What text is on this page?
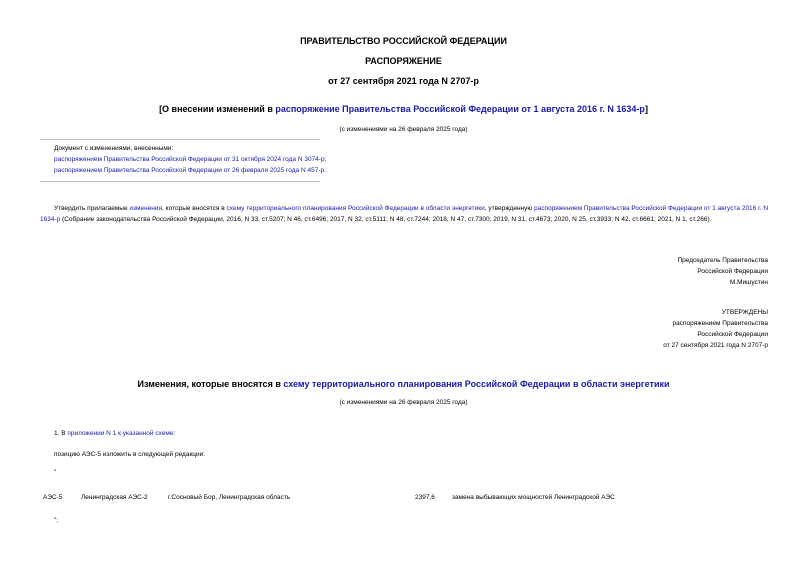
ПРАВИТЕЛЬСТВО РОССИЙСКОЙ ФЕДЕРАЦИИ
РАСПОРЯЖЕНИЕ
от 27 сентября 2021 года N 2707-р
[О внесении изменений в распоряжение Правительства Российской Федерации от 1 августа 2016 г. N 1634-р]
(с изменениями на 26 февраля 2025 года)
Документ с изменениями, внесенными:
распоряжением Правительства Российской Федерации от 31 октября 2024 года N 3074-р;
распоряжением Правительства Российской Федерации от 26 февраля 2025 года N 457-р.
Утвердить прилагаемые изменения, которые вносятся в схему территориального планирования Российской Федерации в области энергетики, утвержденную распоряжением Правительства Российской Федерации от 1 августа 2016 г. N 1634-р (Собрание законодательства Российской Федерации, 2016, N 33, ст.5207; N 46, ст.6496; 2017, N 32, ст.5111; N 48, ст.7244; 2018, N 47, ст.7300; 2019, N 31, ст.4673; 2020, N 25, ст.3933; N 42, ст.6661; 2021, N 1, ст.266).
Председатель Правительства
Российской Федерации
М.Мишустин
УТВЕРЖДЕНЫ
распоряжением Правительства
Российской Федерации
от 27 сентября 2021 года N 2707-р
Изменения, которые вносятся в схему территориального планирования Российской Федерации в области энергетики
(с изменениями на 26 февраля 2025 года)
1. В приложении N 1 к указанной схеме:
позицию АЭС-5 изложить в следующей редакции:
"
АЭС-5	Ленинградская АЭС-2	г.Сосновый Бор, Ленинградская область	2397,6	замена выбывающих мощностей Ленинградской АЭС
";
